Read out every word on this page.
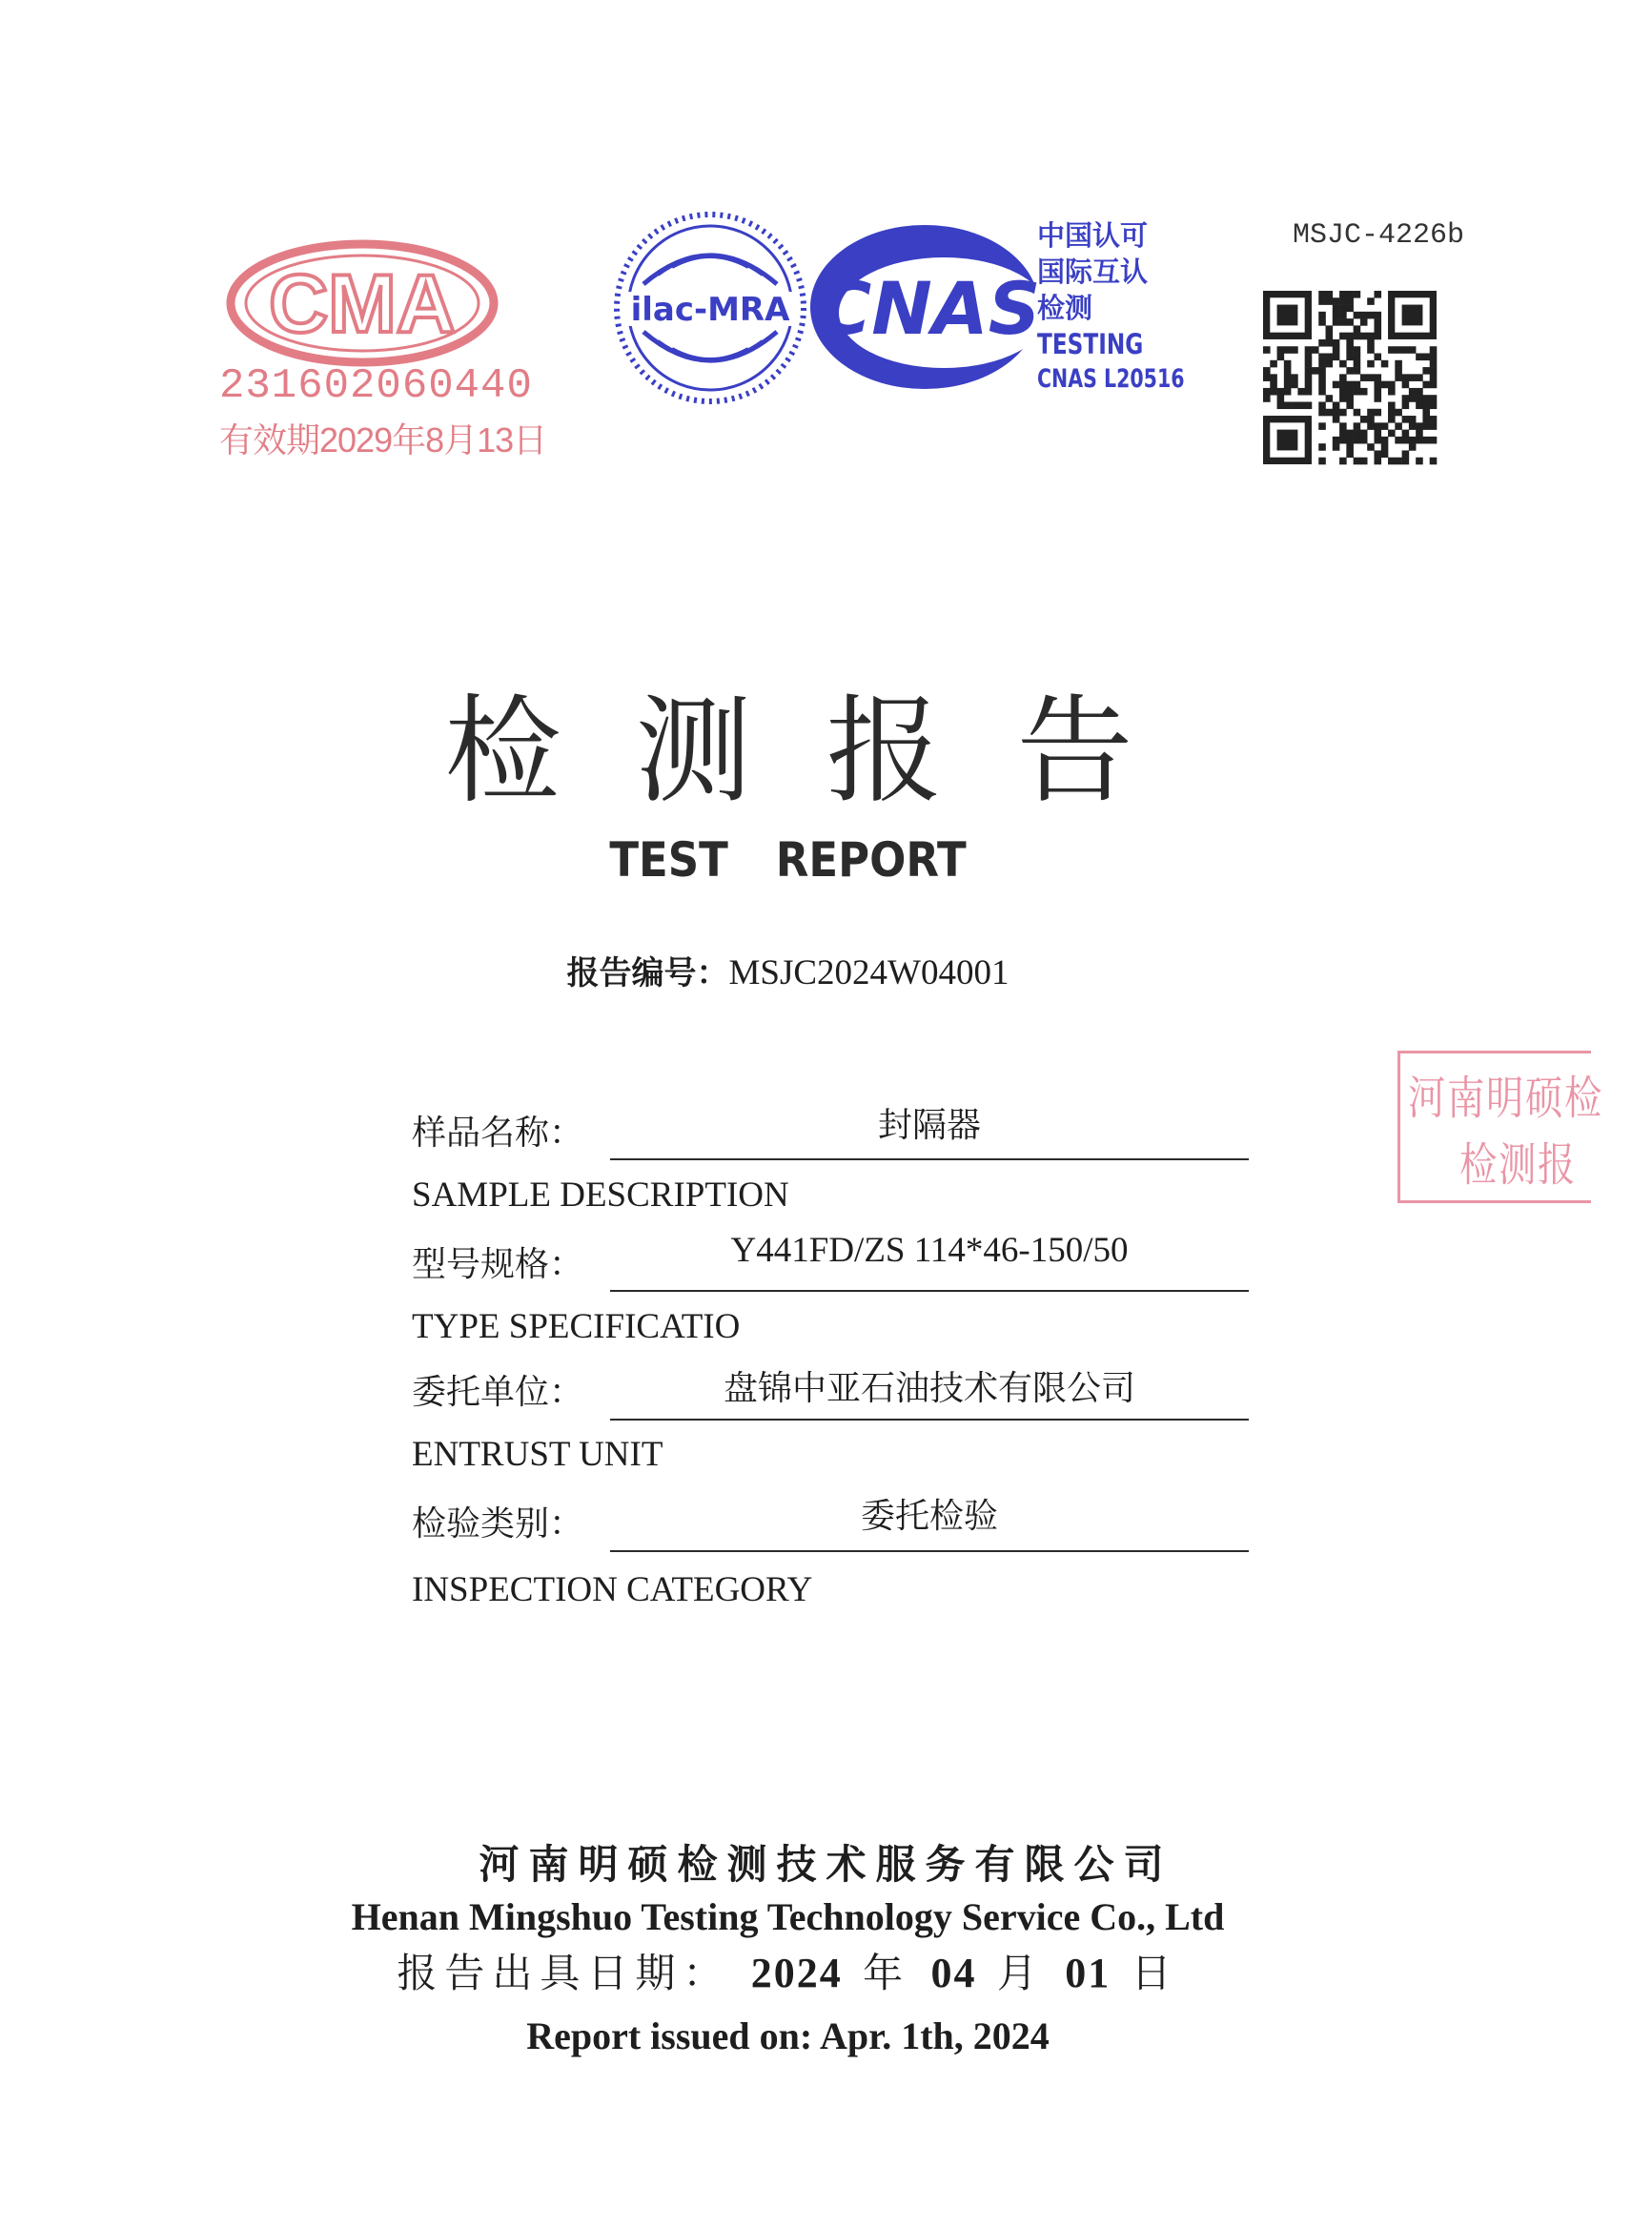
CMA
231602060440
有效期2029年8月13日
ilac-MRA CNAS
中国认可
国际互认
检测
TESTING
CNAS L20516
MSJC-4226b
检测报告
TEST REPORT
报告编号：MSJC2024W04001
河南明硕检
检测报
样品名称：	封隔器
SAMPLE DESCRIPTION
型号规格：	Y441FD/ZS 114*46-150/50
TYPE SPECIFICATIO
委托单位：	盘锦中亚石油技术有限公司
ENTRUST UNIT
检验类别：	委托检验
INSPECTION CATEGORY
河南明硕检测技术服务有限公司
Henan Mingshuo Testing Technology Service Co., Ltd
报告出具日期： 2024 年 04 月 01 日
Report issued on: Apr. 1th, 2024
